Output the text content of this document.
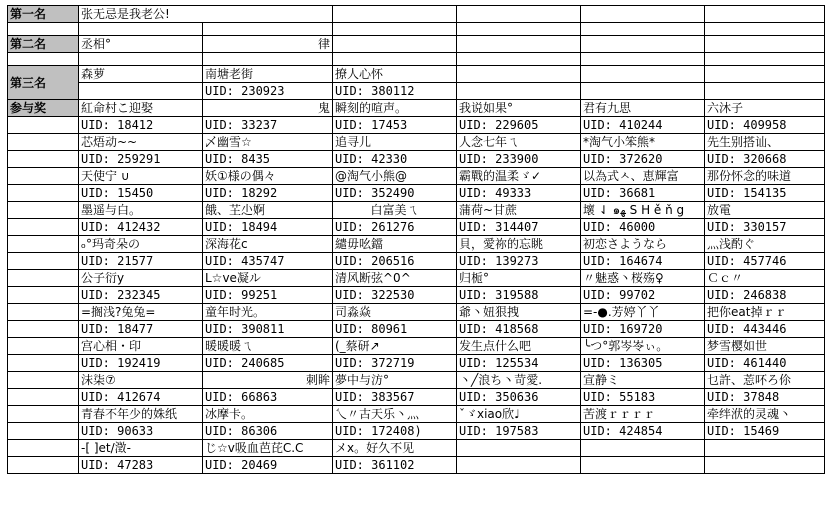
第一名	张无忌是我老公!					

第二名	丞相°	律				

第三名	森萝	南塘老街	撩人心怀			
		UID: 230923	UID: 380112			
参与奖	紅命村こ迎娶	鬼	瞬刻的喧声。	我说如果°	君有九思	六沐子
	UID: 18412	UID: 33237	UID: 17453	UID: 229605	UID: 410244	UID: 409958
	芯焐动~~	乄幽雪☆	追寻儿	人念七年ㄟ	*淘气小笨熊*	先生别搭讪、
	UID: 259291	UID: 8435	UID: 42330	UID: 233900	UID: 372620	UID: 320668
	天使宁 ∪	妖①様の偶々	@淘气小熊@	霸戰的温柔ゞ✓	以為式ㅅ、恵輝富	那份怀念的味道
	UID: 15450	UID: 18292	UID: 352490	UID: 49333	UID: 36681	UID: 154135
	墨遥与白。	餓、芏尐婀	白富美ㄟ	蒲荷~甘蔗	壞 ⇃ ๑ﻬ S H ě ň g	放電
	UID: 412432	UID: 18494	UID: 261276	UID: 314407	UID: 46000	UID: 330157
	ₒ°玛奇朵の	深海花c	繾毋吆鐺	貝，愛祢的忘眺	初恋さようなら	灬浅酌ぐ
	UID: 21577	UID: 435747	UID: 206516	UID: 139273	UID: 164674	UID: 457746
	公子衍y	L☆ve凝ル	清风断弦^0^	归栀°	〃魅惑丶桜殇♀	Ｃｃ〃
	UID: 232345	UID: 99251	UID: 322530	UID: 319588	UID: 99702	UID: 246838
	=搁浅?兔兔=	童年时光。	司淼焱	爺丶妞狠拽	=-●.芳婷丫丫	把你eat掉ｒｒ
	UID: 18477	UID: 390811	UID: 80961	UID: 418568	UID: 169720	UID: 443446
	宫心相・印	暖暖暖ㄟ	(_蔡研↗	发生点什么吧	╰つ°郭岑岺ぃ。	梦雪樱如世
	UID: 192419	UID: 240685	UID: 372719	UID: 125534	UID: 136305	UID: 461440
	沫柒⑦	刺眸	夢中与汸°	丶╱浪ち丶苛愛.	宣静ミ	乜許、莣吥ろ伱
	UID: 412674	UID: 66863	UID: 383567	UID: 350636	UID: 55183	UID: 37848
	青春不年少的姝纸	冰摩卡。	乀〃古天乐丶灬	ˇゞxiao欣♩	苦渡ｒｒｒｒ	牵绊洑的灵魂丶
	UID: 90633	UID: 86306	UID: 172408)	UID: 197583	UID: 424854	UID: 15469
	-[ ]et/澂-	じ☆v吸血芭芘C.C	メx。好久不见			
	UID: 47283	UID: 20469	UID: 361102			
